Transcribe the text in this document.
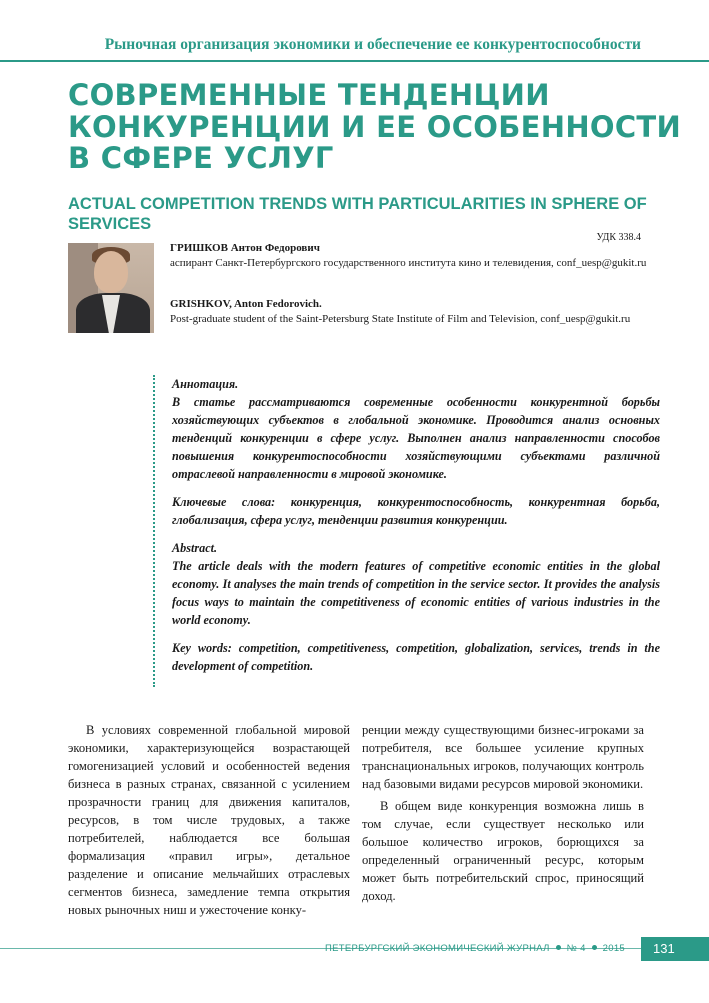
Рыночная организация экономики и обеспечение ее конкурентоспособности
СОВРЕМЕННЫЕ ТЕНДЕНЦИИ КОНКУРЕНЦИИ И ЕЕ ОСОБЕННОСТИ В СФЕРЕ УСЛУГ
ACTUAL COMPETITION TRENDS WITH PARTICULARITIES IN SPHERE OF SERVICES
УДК 338.4
ГРИШКОВ Антон Федорович
аспирант Санкт-Петербургского государственного института кино и телевидения, conf_uesp@gukit.ru
GRISHKOV, Anton Fedorovich.
Post-graduate student of the Saint-Petersburg State Institute of Film and Television, conf_uesp@gukit.ru

Аннотация.

В статье рассматриваются современные особенности конкурентной борьбы хозяйствующих субъектов в глобальной экономике. Проводится анализ основных тенденций конкуренции в сфере услуг. Выполнен анализ направленности способов повышения конкурентоспособности хозяйствующими субъектами различной отраслевой направленности в мировой экономике.

Ключевые слова: конкуренция, конкурентоспособность, конкурентная борьба, глобализация, сфера услуг, тенденции развития конкуренции.

Abstract.

The article deals with the modern features of competitive economic entities in the global economy. It analyses the main trends of competition in the service sector. It provides the analysis focus ways to maintain the competitiveness of economic entities of various industries in the world economy.

Key words: competition, competitiveness, competition, globalization, services, trends in the development of competition.

В условиях современной глобальной мировой экономики, характеризующейся возрастающей гомогенизацией условий и особенностей ведения бизнеса в разных странах, связанной с усилением прозрачности границ для движения капиталов, ресурсов, в том числе трудовых, а также потребителей, наблюдается все большая формализация «правил игры», детальное разделение и описание мельчайших отраслевых сегментов бизнеса, замедление темпа открытия новых рыночных ниш и ужесточение конку-

ренции между существующими бизнес-игроками за потребителя, все большее усиление крупных транснациональных игроков, получающих контроль над базовыми видами ресурсов мировой экономики.

В общем виде конкуренция возможна лишь в том случае, если существует несколько или большое количество игроков, борющихся за определенный ограниченный ресурс, которым может быть потребительский спрос, приносящий доход.

ПЕТЕРБУРГСКИЙ ЭКОНОМИЧЕСКИЙ ЖУРНАЛ № 4 2015	131
